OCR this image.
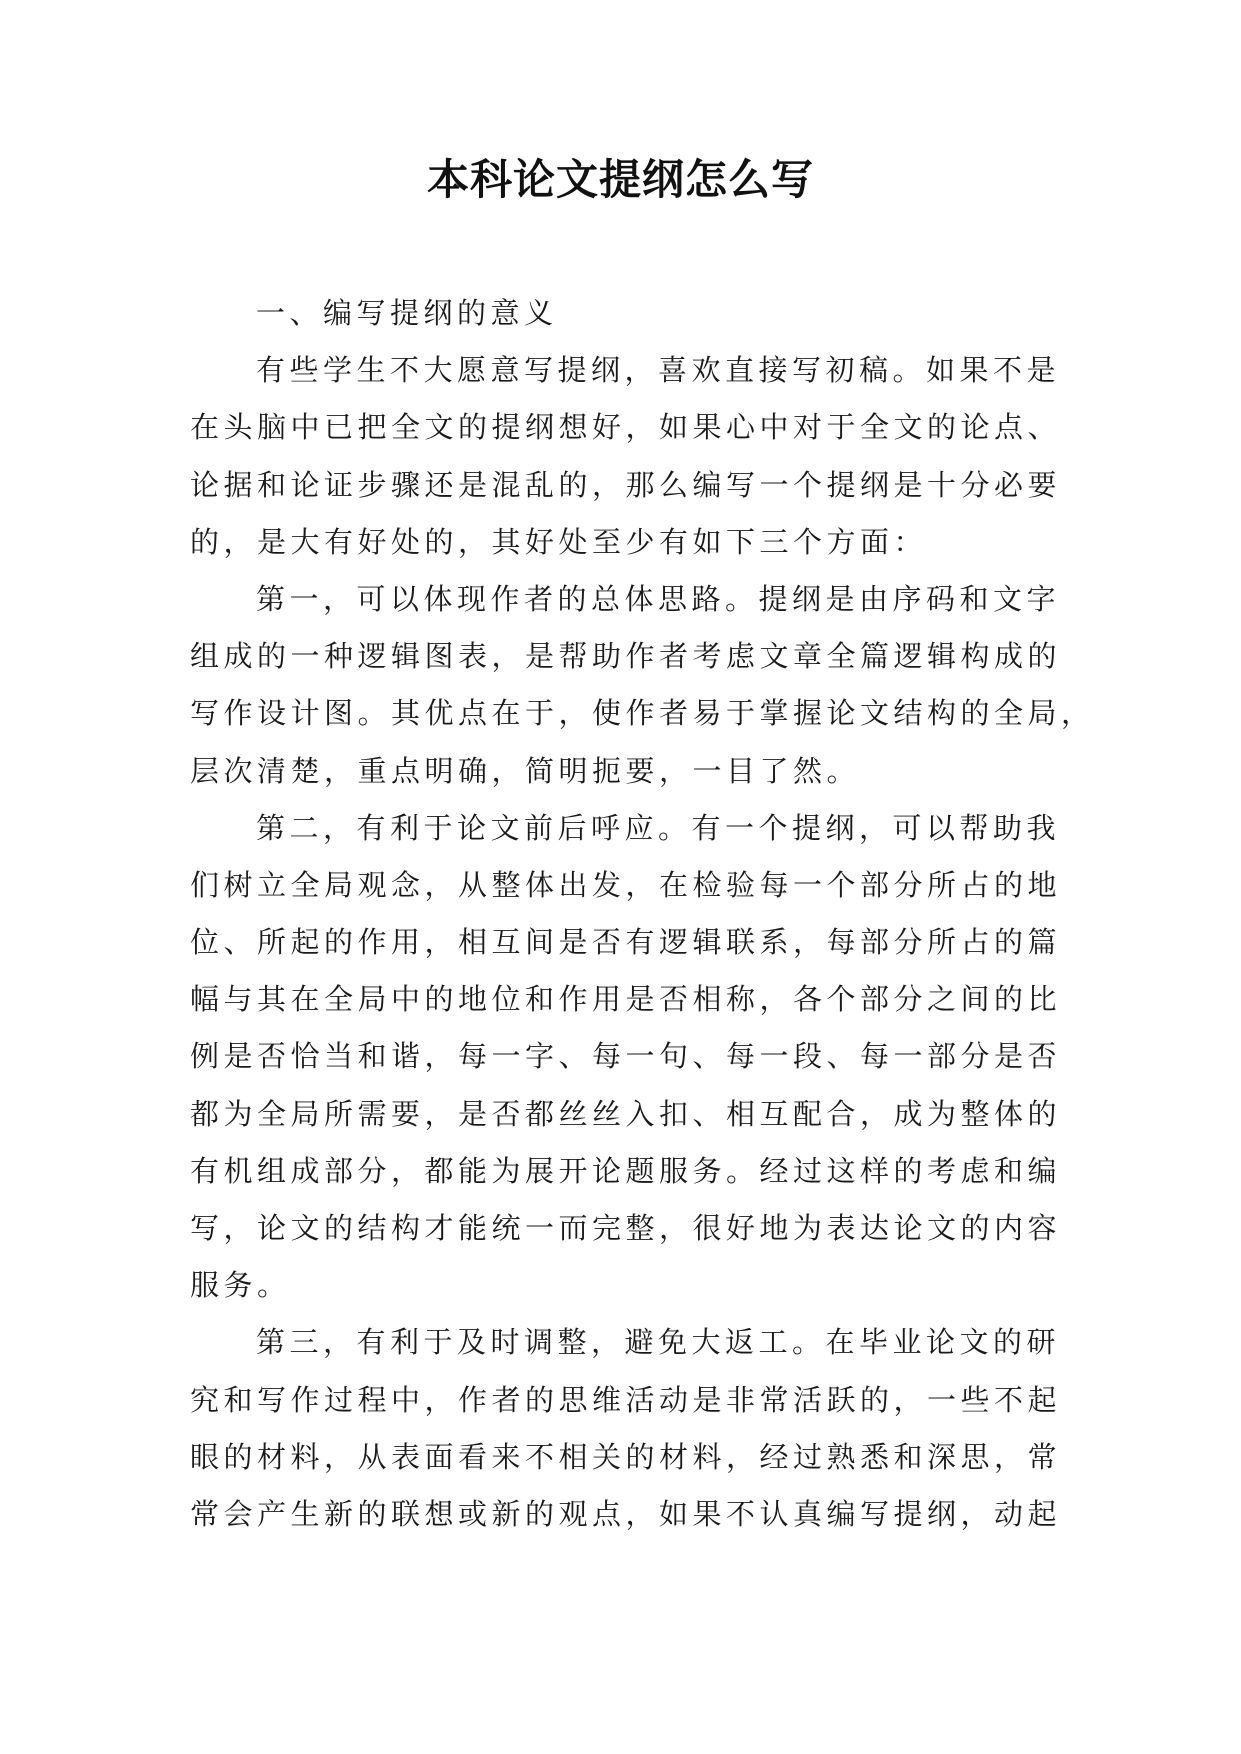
本科论文提纲怎么写
一、编写提纲的意义
有些学生不大愿意写提纲，喜欢直接写初稿。如果不是
在头脑中已把全文的提纲想好，如果心中对于全文的论点、
论据和论证步骤还是混乱的，那么编写一个提纲是十分必要
的，是大有好处的，其好处至少有如下三个方面：
第一，可以体现作者的总体思路。提纲是由序码和文字
组成的一种逻辑图表，是帮助作者考虑文章全篇逻辑构成的
写作设计图。其优点在于，使作者易于掌握论文结构的全局，
层次清楚，重点明确，简明扼要，一目了然。
第二，有利于论文前后呼应。有一个提纲，可以帮助我
们树立全局观念，从整体出发，在检验每一个部分所占的地
位、所起的作用，相互间是否有逻辑联系，每部分所占的篇
幅与其在全局中的地位和作用是否相称，各个部分之间的比
例是否恰当和谐，每一字、每一句、每一段、每一部分是否
都为全局所需要，是否都丝丝入扣、相互配合，成为整体的
有机组成部分，都能为展开论题服务。经过这样的考虑和编
写，论文的结构才能统一而完整，很好地为表达论文的内容
服务。
第三，有利于及时调整，避免大返工。在毕业论文的研
究和写作过程中，作者的思维活动是非常活跃的，一些不起
眼的材料，从表面看来不相关的材料，经过熟悉和深思，常
常会产生新的联想或新的观点，如果不认真编写提纲，动起
